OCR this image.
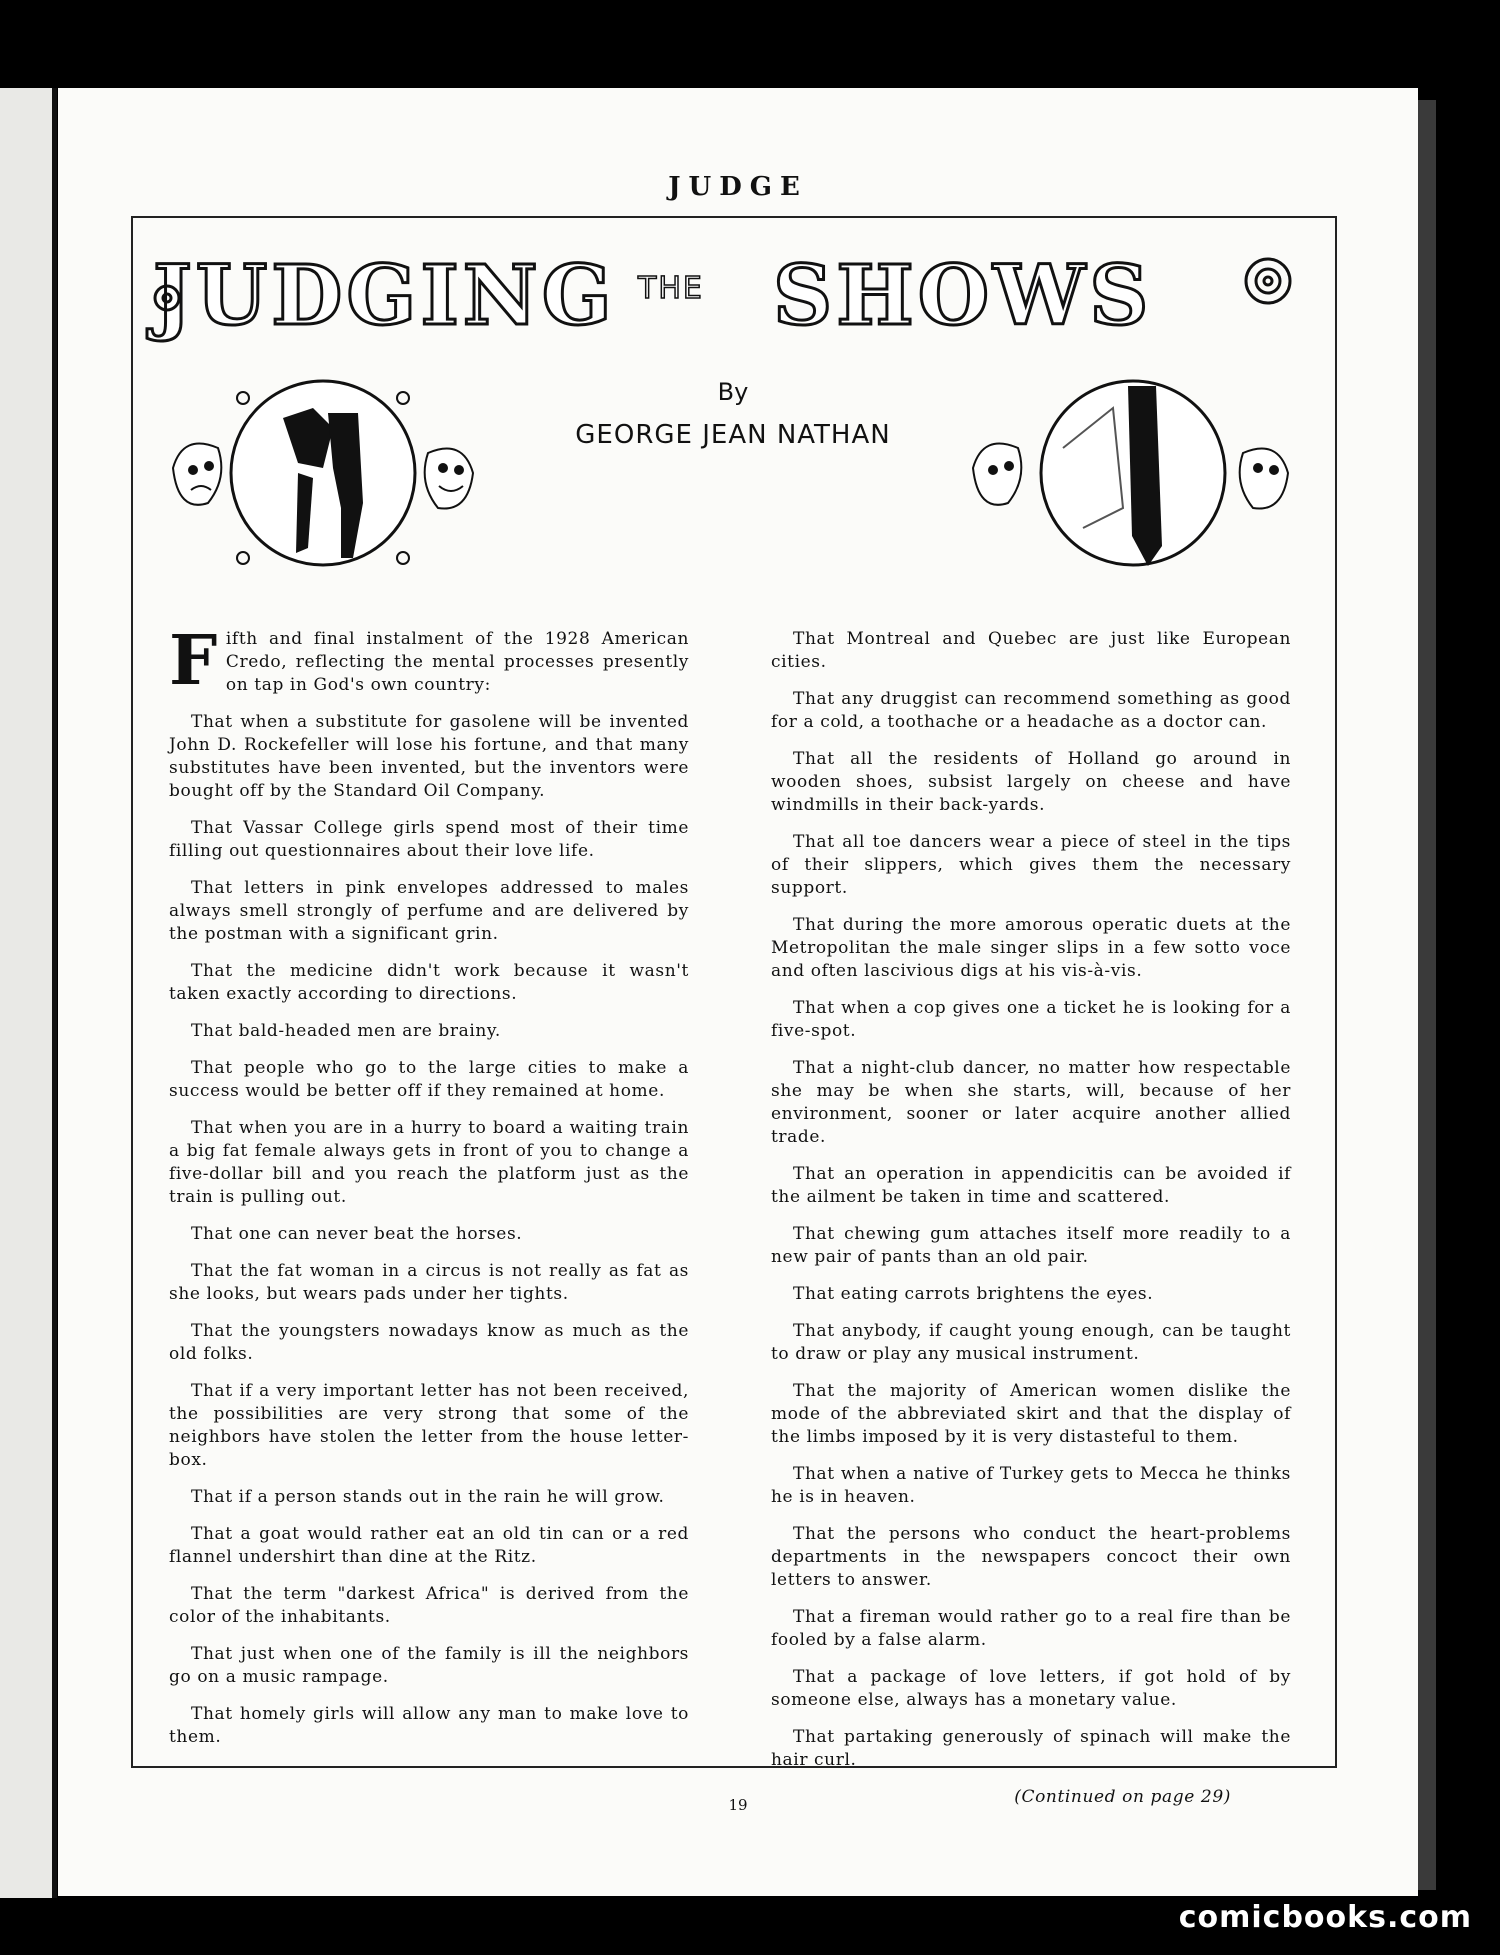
JUDGE
JUDGING THE SHOWS
By
GEORGE JEAN NATHAN

Fifth and final instalment of the 1928 American Credo, reflecting the mental processes presently on tap in God's own country:

That when a substitute for gasolene will be invented John D. Rockefeller will lose his fortune, and that many substitutes have been invented, but the inventors were bought off by the Standard Oil Company.

That Vassar College girls spend most of their time filling out questionnaires about their love life.

That letters in pink envelopes addressed to males always smell strongly of perfume and are delivered by the postman with a significant grin.

That the medicine didn't work because it wasn't taken exactly according to directions.

That bald-headed men are brainy.

That people who go to the large cities to make a success would be better off if they remained at home.

That when you are in a hurry to board a waiting train a big fat female always gets in front of you to change a five-dollar bill and you reach the platform just as the train is pulling out.

That one can never beat the horses.

That the fat woman in a circus is not really as fat as she looks, but wears pads under her tights.

That the youngsters nowadays know as much as the old folks.

That if a very important letter has not been received, the possibilities are very strong that some of the neighbors have stolen the letter from the house letter-box.

That if a person stands out in the rain he will grow.

That a goat would rather eat an old tin can or a red flannel undershirt than dine at the Ritz.

That the term "darkest Africa" is derived from the color of the inhabitants.

That just when one of the family is ill the neighbors go on a music rampage.

That homely girls will allow any man to make love to them.

That Montreal and Quebec are just like European cities.

That any druggist can recommend something as good for a cold, a toothache or a headache as a doctor can.

That all the residents of Holland go around in wooden shoes, subsist largely on cheese and have windmills in their back-yards.

That all toe dancers wear a piece of steel in the tips of their slippers, which gives them the necessary support.

That during the more amorous operatic duets at the Metropolitan the male singer slips in a few sotto voce and often lascivious digs at his vis-à-vis.

That when a cop gives one a ticket he is looking for a five-spot.

That a night-club dancer, no matter how respectable she may be when she starts, will, because of her environment, sooner or later acquire another allied trade.

That an operation in appendicitis can be avoided if the ailment be taken in time and scattered.

That chewing gum attaches itself more readily to a new pair of pants than an old pair.

That eating carrots brightens the eyes.

That anybody, if caught young enough, can be taught to draw or play any musical instrument.

That the majority of American women dislike the mode of the abbreviated skirt and that the display of the limbs imposed by it is very distasteful to them.

That when a native of Turkey gets to Mecca he thinks he is in heaven.

That the persons who conduct the heart-problems departments in the newspapers concoct their own letters to answer.

That a fireman would rather go to a real fire than be fooled by a false alarm.

That a package of love letters, if got hold of by someone else, always has a monetary value.

That partaking generously of spinach will make the hair curl.

(Continued on page 29)

19
comicbooks.com
